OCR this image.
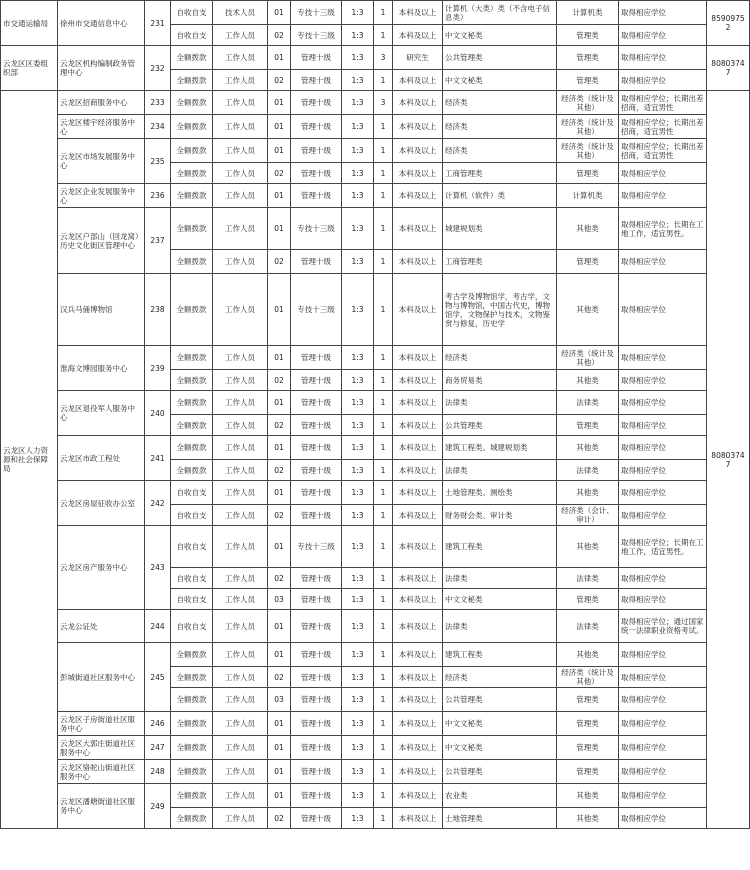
市交通运输局	徐州市交通信息中心	231	自收自支	技术人员	01	专技十三级	1:3	1	本科及以上	计算机（大类）类（不含电子信息类）	计算机类	取得相应学位	85909752
			自收自支	工作人员	02	专技十三级	1:3	1	本科及以上	中文文秘类	管理类	取得相应学位	
云龙区区委组织部	云龙区机构编制政务管理中心	232	全额拨款	工作人员	01	管理十级	1:3	3	研究生	公共管理类	管理类	取得相应学位	80803747
			全额拨款	工作人员	02	管理十级	1:3	1	本科及以上	中文文秘类	管理类	取得相应学位	
云龙区人力资源和社会保障局	云龙区招商服务中心	233	全额拨款	工作人员	01	管理十级	1:3	3	本科及以上	经济类	经济类（统计及其他）	取得相应学位；长期出差招商，适宜男性	80803747
	云龙区楼宇经济服务中心	234	全额拨款	工作人员	01	管理十级	1:3	1	本科及以上	经济类	经济类（统计及其他）	取得相应学位；长期出差招商，适宜男性	
	云龙区市场发展服务中心	235	全额拨款	工作人员	01	管理十级	1:3	1	本科及以上	经济类	经济类（统计及其他）	取得相应学位；长期出差招商，适宜男性	
			全额拨款	工作人员	02	管理十级	1:3	1	本科及以上	工商管理类	管理类	取得相应学位	
	云龙区企业发展服务中心	236	全额拨款	工作人员	01	管理十级	1:3	1	本科及以上	计算机（软件）类	计算机类	取得相应学位	
	云龙区户部山（回龙窝）历史文化街区管理中心	237	全额拨款	工作人员	01	专技十三级	1:3	1	本科及以上	城建规划类	其他类	取得相应学位；长期在工地工作，适宜男性。	
			全额拨款	工作人员	02	管理十级	1:3	1	本科及以上	工商管理类	管理类	取得相应学位	
	汉兵马俑博物馆	238	全额拨款	工作人员	01	专技十三级	1:3	1	本科及以上	考古学及博物馆学，考古学，文物与博物馆，中国古代史，博物馆学，文物保护与技术，文物鉴赏与修复，历史学	其他类	取得相应学位	
	淮海文博园服务中心	239	全额拨款	工作人员	01	管理十级	1:3	1	本科及以上	经济类	经济类（统计及其他）	取得相应学位	
			全额拨款	工作人员	02	管理十级	1:3	1	本科及以上	商务贸易类	其他类	取得相应学位	
	云龙区退役军人服务中心	240	全额拨款	工作人员	01	管理十级	1:3	1	本科及以上	法律类	法律类	取得相应学位	
			全额拨款	工作人员	02	管理十级	1:3	1	本科及以上	公共管理类	管理类	取得相应学位	
	云龙区市政工程处	241	全额拨款	工作人员	01	管理十级	1:3	1	本科及以上	建筑工程类、城建规划类	其他类	取得相应学位	
			全额拨款	工作人员	02	管理十级	1:3	1	本科及以上	法律类	法律类	取得相应学位	
	云龙区房屋征收办公室	242	自收自支	工作人员	01	管理十级	1:3	1	本科及以上	土地管理类、测绘类	其他类	取得相应学位	
			自收自支	工作人员	02	管理十级	1:3	1	本科及以上	财务财会类、审计类	经济类（会计、审计）	取得相应学位	
	云龙区房产服务中心	243	自收自支	工作人员	01	专技十三级	1:3	1	本科及以上	建筑工程类	其他类	取得相应学位；长期在工地工作，适宜男性。	
			自收自支	工作人员	02	管理十级	1:3	1	本科及以上	法律类	法律类	取得相应学位	
			自收自支	工作人员	03	管理十级	1:3	1	本科及以上	中文文秘类	管理类	取得相应学位	
	云龙公证处	244	自收自支	工作人员	01	管理十级	1:3	1	本科及以上	法律类	法律类	取得相应学位；通过国家统一法律职业资格考试。	
	彭城街道社区服务中心	245	全额拨款	工作人员	01	管理十级	1:3	1	本科及以上	建筑工程类	其他类	取得相应学位	
			全额拨款	工作人员	02	管理十级	1:3	1	本科及以上	经济类	经济类（统计及其他）	取得相应学位	
			全额拨款	工作人员	03	管理十级	1:3	1	本科及以上	公共管理类	管理类	取得相应学位	
	云龙区子房街道社区服务中心	246	全额拨款	工作人员	01	管理十级	1:3	1	本科及以上	中文文秘类	管理类	取得相应学位	
	云龙区大郭庄街道社区服务中心	247	全额拨款	工作人员	01	管理十级	1:3	1	本科及以上	中文文秘类	管理类	取得相应学位	
	云龙区骆驼山街道社区服务中心	248	全额拨款	工作人员	01	管理十级	1:3	1	本科及以上	公共管理类	管理类	取得相应学位	
	云龙区潘塘街道社区服务中心	249	全额拨款	工作人员	01	管理十级	1:3	1	本科及以上	农业类	其他类	取得相应学位	
			全额拨款	工作人员	02	管理十级	1:3	1	本科及以上	土地管理类	其他类	取得相应学位	
